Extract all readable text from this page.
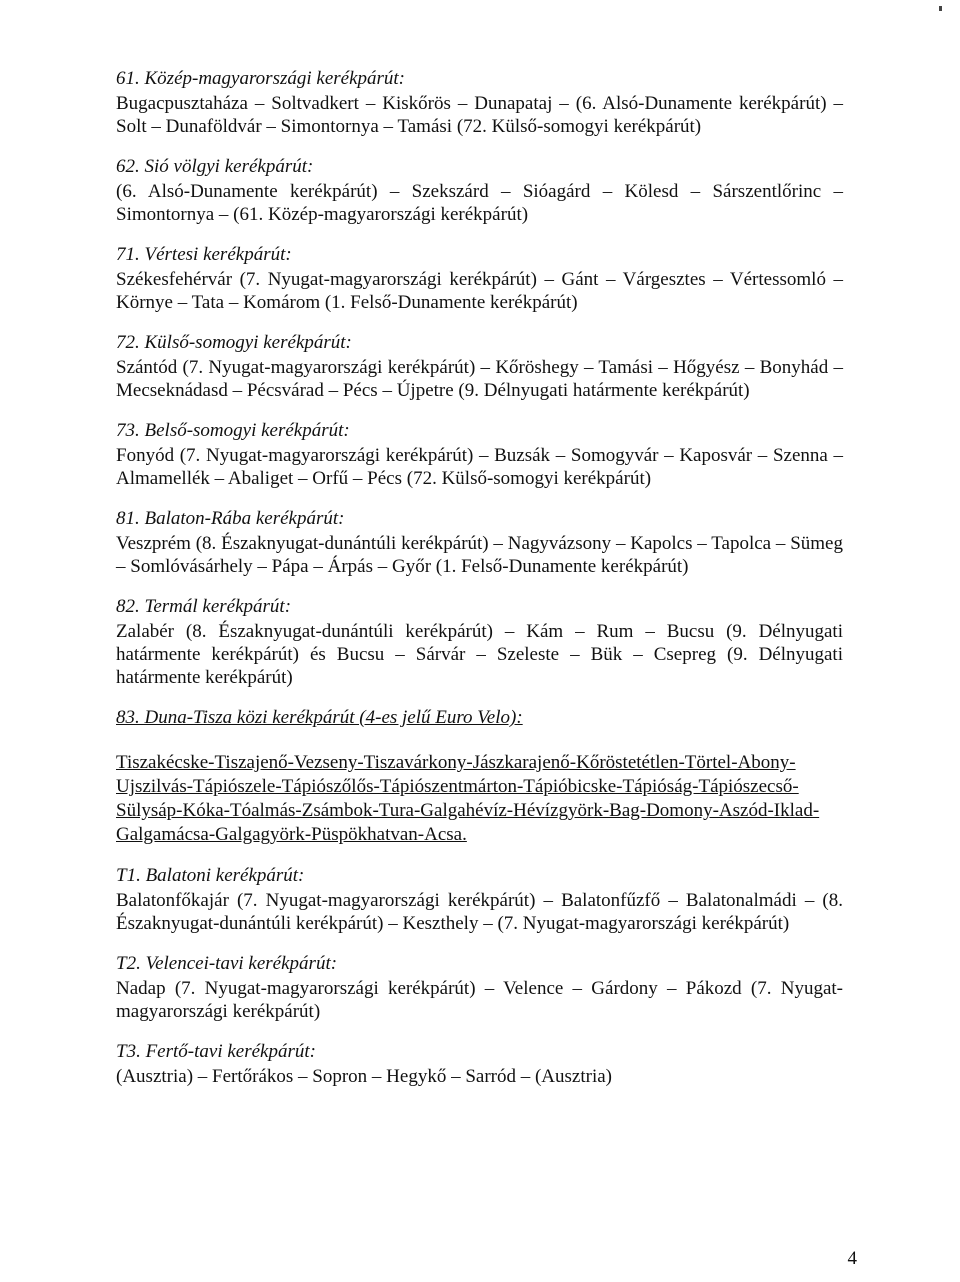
61. Közép-magyarországi kerékpárút:

Bugacpusztaháza – Soltvadkert – Kiskőrös – Dunapataj – (6. Alsó-Dunamente kerékpárút) – Solt – Dunaföldvár – Simontornya – Tamási (72. Külső-somogyi kerékpárút)

62. Sió völgyi kerékpárút:

(6. Alsó-Dunamente kerékpárút) – Szekszárd – Sióagárd – Kölesd – Sárszentlőrinc – Simontornya – (61. Közép-magyarországi kerékpárút)

71. Vértesi kerékpárút:

Székesfehérvár (7. Nyugat-magyarországi kerékpárút) – Gánt – Várgesztes – Vértessomló – Környe – Tata – Komárom (1. Felső-Dunamente kerékpárút)

72. Külső-somogyi kerékpárút:

Szántód (7. Nyugat-magyarországi kerékpárút) – Kőröshegy – Tamási – Hőgyész – Bonyhád – Mecseknádasd – Pécsvárad – Pécs – Újpetre (9. Délnyugati határmente kerékpárút)

73. Belső-somogyi kerékpárút:

Fonyód (7. Nyugat-magyarországi kerékpárút) – Buzsák – Somogyvár – Kaposvár – Szenna – Almamellék – Abaliget – Orfű – Pécs (72. Külső-somogyi kerékpárút)

81. Balaton-Rába kerékpárút:

Veszprém (8. Északnyugat-dunántúli kerékpárút) – Nagyvázsony – Kapolcs – Tapolca – Sümeg – Somlóvásárhely – Pápa – Árpás – Győr (1. Felső-Dunamente kerékpárút)

82. Termál kerékpárút:

Zalabér (8. Északnyugat-dunántúli kerékpárút) – Kám – Rum – Bucsu (9. Délnyugati határmente kerékpárút) és Bucsu – Sárvár – Szeleste – Bük – Csepreg (9. Délnyugati határmente kerékpárút)

83. Duna-Tisza közi kerékpárút (4-es jelű Euro Velo):
Tiszakécske-Tiszajenő-Vezseny-Tiszavárkony-Jászkarajenő-Kőröstetétlen-Törtel-Abony-
Ujszilvás-Tápiószele-Tápiószőlős-Tápiószentmárton-Tápióbicske-Tápióság-Tápiószecső-
Sülysáp-Kóka-Tóalmás-Zsámbok-Tura-Galgahévíz-Hévízgyörk-Bag-Domony-Aszód-Iklad-
Galgamácsa-Galgagyörk-Püspökhatvan-Acsa.
T1. Balatoni kerékpárút:

Balatonfőkajár (7. Nyugat-magyarországi kerékpárút) – Balatonfűzfő – Balatonalmádi – (8. Északnyugat-dunántúli kerékpárút) – Keszthely – (7. Nyugat-magyarországi kerékpárút)

T2. Velencei-tavi kerékpárút:

Nadap (7. Nyugat-magyarországi kerékpárút) – Velence – Gárdony – Pákozd (7. Nyugat-magyarországi kerékpárút)

T3. Fertő-tavi kerékpárút:

(Ausztria) – Fertőrákos – Sopron – Hegykő – Sarród – (Ausztria)

4
